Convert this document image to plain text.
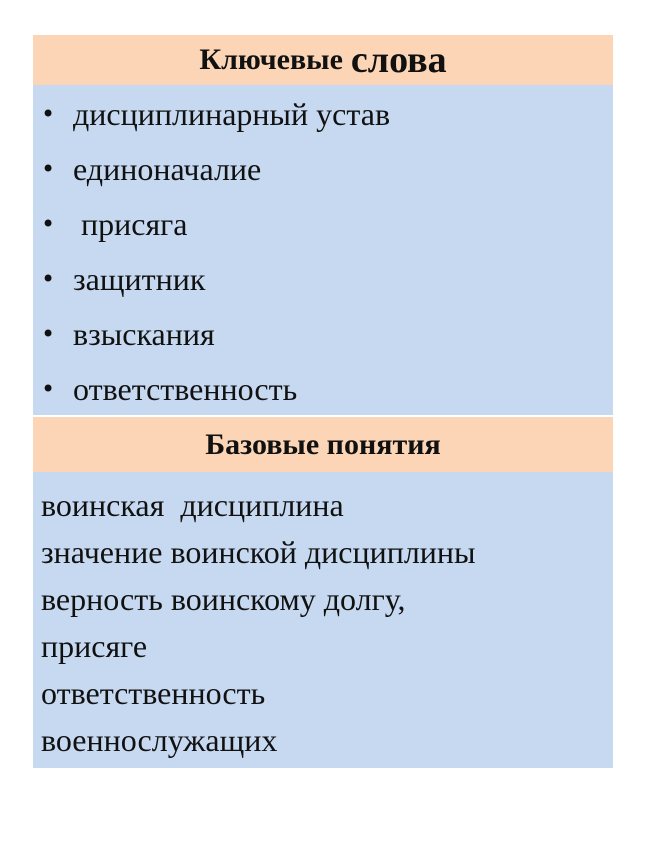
Ключевые слова
• дисциплинарный устав
• единоначалие
• присяга
• защитник
• взыскания
• ответственность
Базовые понятия
воинская  дисциплина
значение воинской дисциплины
верность воинскому долгу,
присяге
ответственность
военнослужащих
